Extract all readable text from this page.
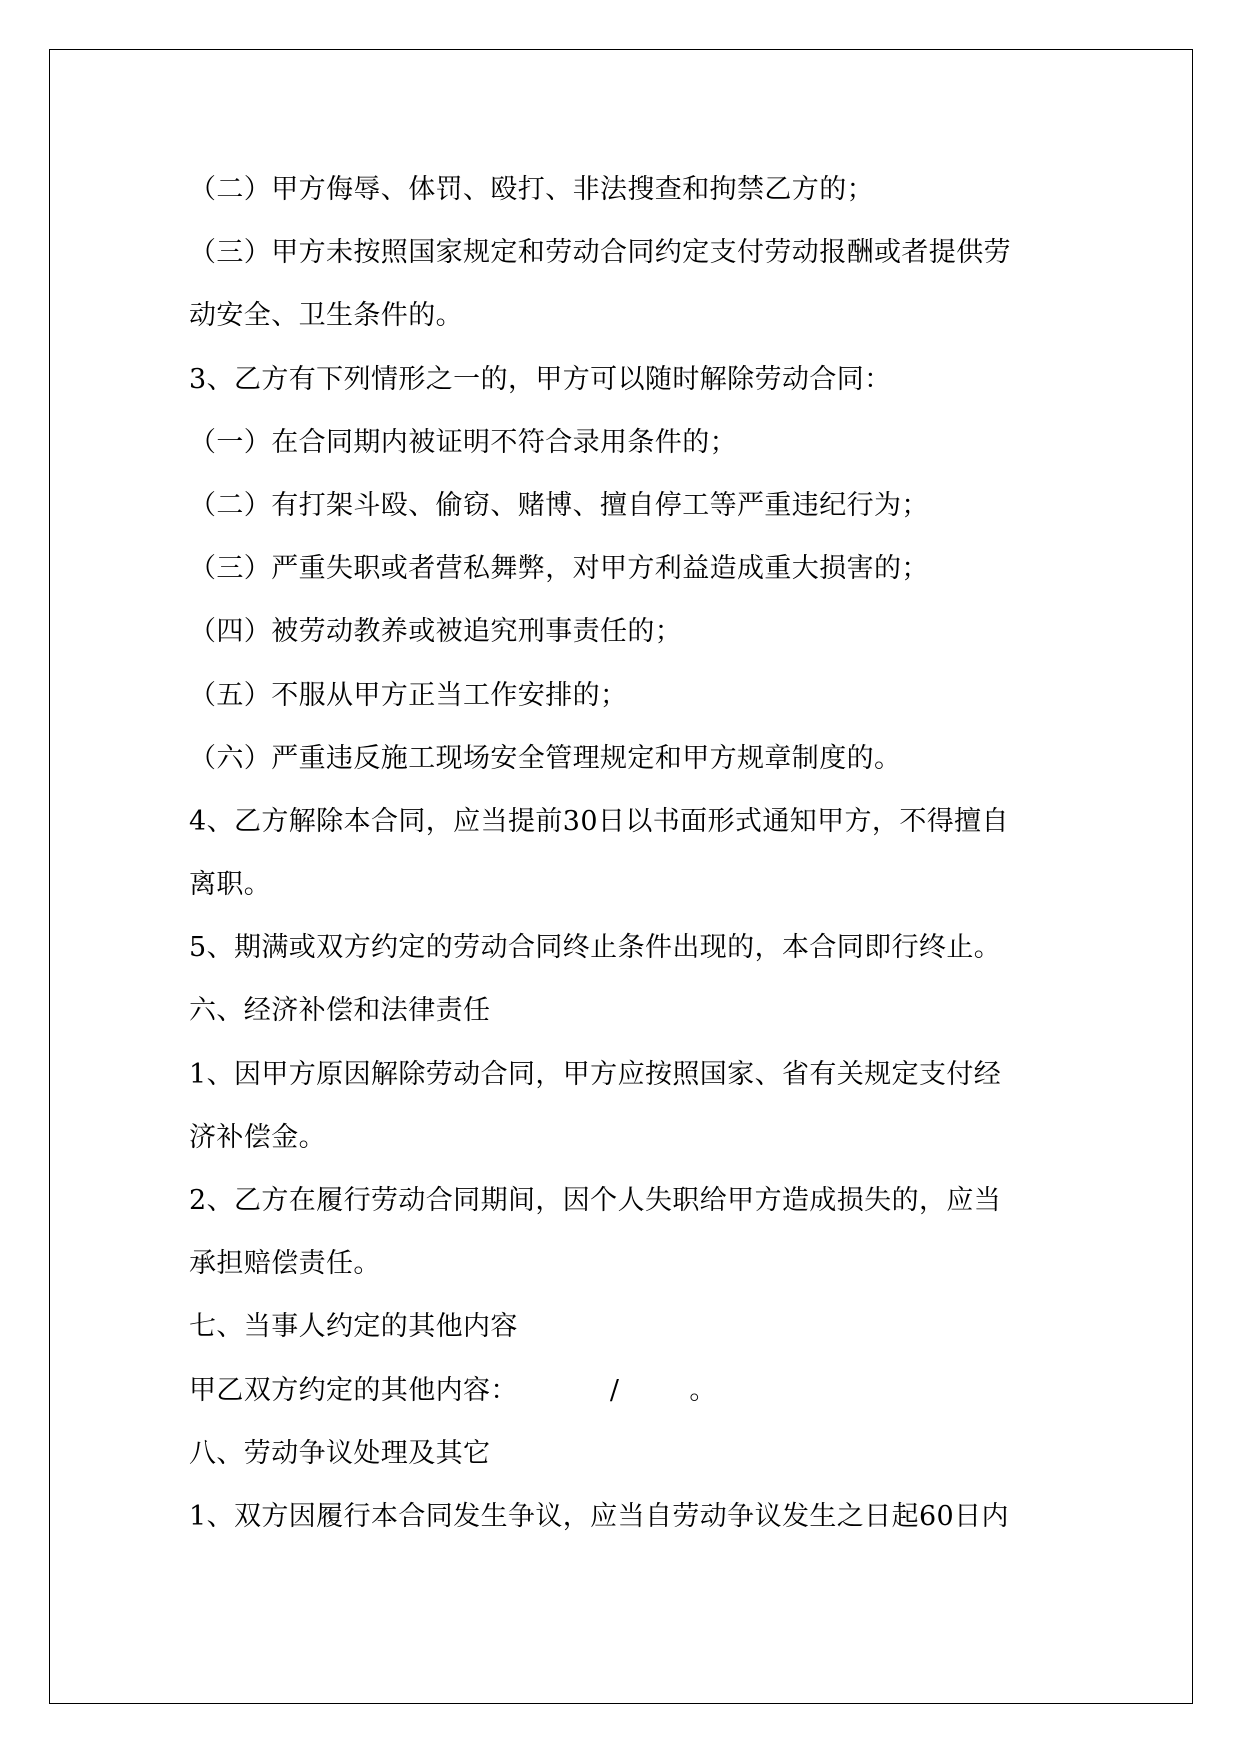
（二）甲方侮辱、体罚、殴打、非法搜查和拘禁乙方的；
（三）甲方未按照国家规定和劳动合同约定支付劳动报酬或者提供劳
动安全、卫生条件的。
3、乙方有下列情形之一的，甲方可以随时解除劳动合同：
（一）在合同期内被证明不符合录用条件的；
（二）有打架斗殴、偷窃、赌博、擅自停工等严重违纪行为；
（三）严重失职或者营私舞弊，对甲方利益造成重大损害的；
（四）被劳动教养或被追究刑事责任的；
（五）不服从甲方正当工作安排的；
（六）严重违反施工现场安全管理规定和甲方规章制度的。
4、乙方解除本合同，应当提前30日以书面形式通知甲方，不得擅自
离职。
5、期满或双方约定的劳动合同终止条件出现的，本合同即行终止。
六、经济补偿和法律责任
1、因甲方原因解除劳动合同，甲方应按照国家、省有关规定支付经
济补偿金。
2、乙方在履行劳动合同期间，因个人失职给甲方造成损失的，应当
承担赔偿责任。
七、当事人约定的其他内容
甲乙双方约定的其他内容：	/	。
八、劳动争议处理及其它
1、双方因履行本合同发生争议，应当自劳动争议发生之日起60日内
